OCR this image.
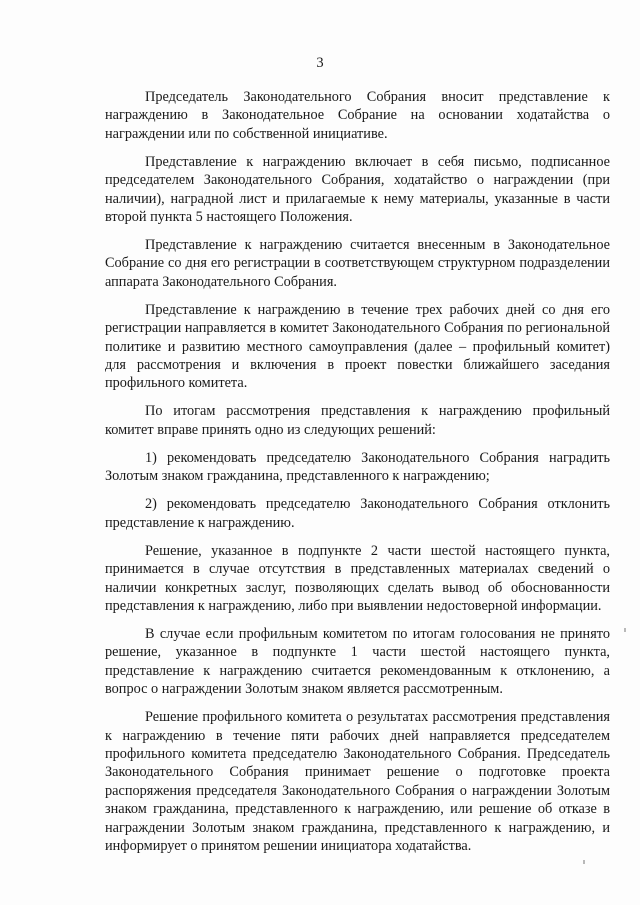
3

Председатель Законодательного Собрания вносит представление к награждению в Законодательное Собрание на основании ходатайства о награждении или по собственной инициативе.

Представление к награждению включает в себя письмо, подписанное председателем Законодательного Собрания, ходатайство о награждении (при наличии), наградной лист и прилагаемые к нему материалы, указанные в части второй пункта 5 настоящего Положения.

Представление к награждению считается внесенным в Законодательное Собрание со дня его регистрации в соответствующем структурном подразделении аппарата Законодательного Собрания.

Представление к награждению в течение трех рабочих дней со дня его регистрации направляется в комитет Законодательного Собрания по региональной политике и развитию местного самоуправления (далее – профильный комитет) для рассмотрения и включения в проект повестки ближайшего заседания профильного комитета.

По итогам рассмотрения представления к награждению профильный комитет вправе принять одно из следующих решений:

1) рекомендовать председателю Законодательного Собрания наградить Золотым знаком гражданина, представленного к награждению;

2) рекомендовать председателю Законодательного Собрания отклонить представление к награждению.

Решение, указанное в подпункте 2 части шестой настоящего пункта, принимается в случае отсутствия в представленных материалах сведений о наличии конкретных заслуг, позволяющих сделать вывод об обоснованности представления к награждению, либо при выявлении недостоверной информации.

В случае если профильным комитетом по итогам голосования не принято решение, указанное в подпункте 1 части шестой настоящего пункта, представление к награждению считается рекомендованным к отклонению, а вопрос о награждении Золотым знаком является рассмотренным.

Решение профильного комитета о результатах рассмотрения представления к награждению в течение пяти рабочих дней направляется председателем профильного комитета председателю Законодательного Собрания. Председатель Законодательного Собрания принимает решение о подготовке проекта распоряжения председателя Законодательного Собрания о награждении Золотым знаком гражданина, представленного к награждению, или решение об отказе в награждении Золотым знаком гражданина, представленного к награждению, и информирует о принятом решении инициатора ходатайства.
